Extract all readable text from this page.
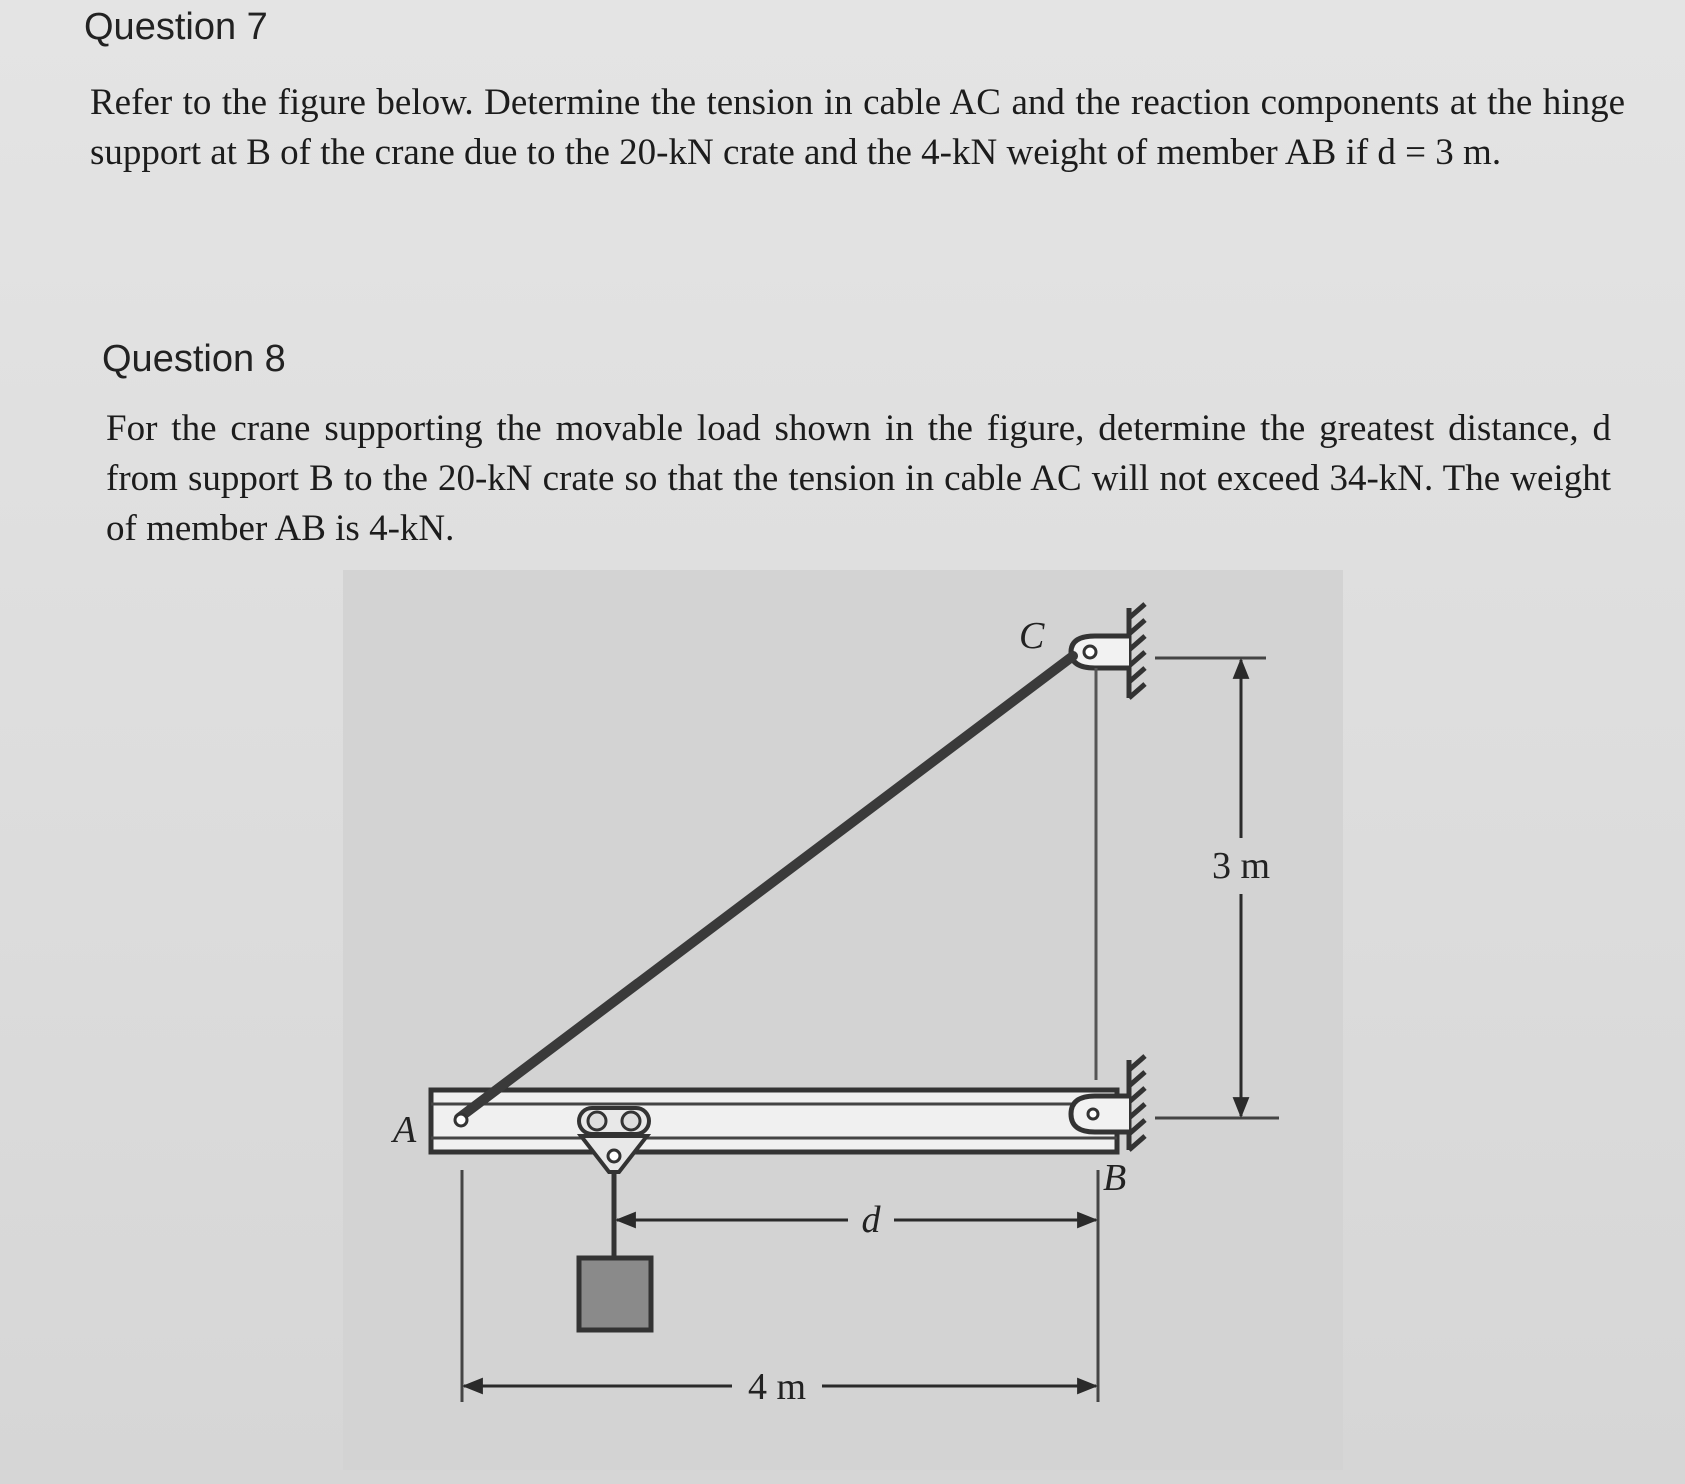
Question 7

Refer to the figure below. Determine the tension in cable AC and the reaction components at the hinge support at B of the crane due to the 20-kN crate and the 4-kN weight of member AB if d = 3 m.

Question 8

For the crane supporting the movable load shown in the figure, determine the greatest distance, d from support B to the 20-kN crate so that the tension in cable AC will not exceed 34-kN. The weight of member AB is 4-kN.

A
B
C
d
3 m
4 m
